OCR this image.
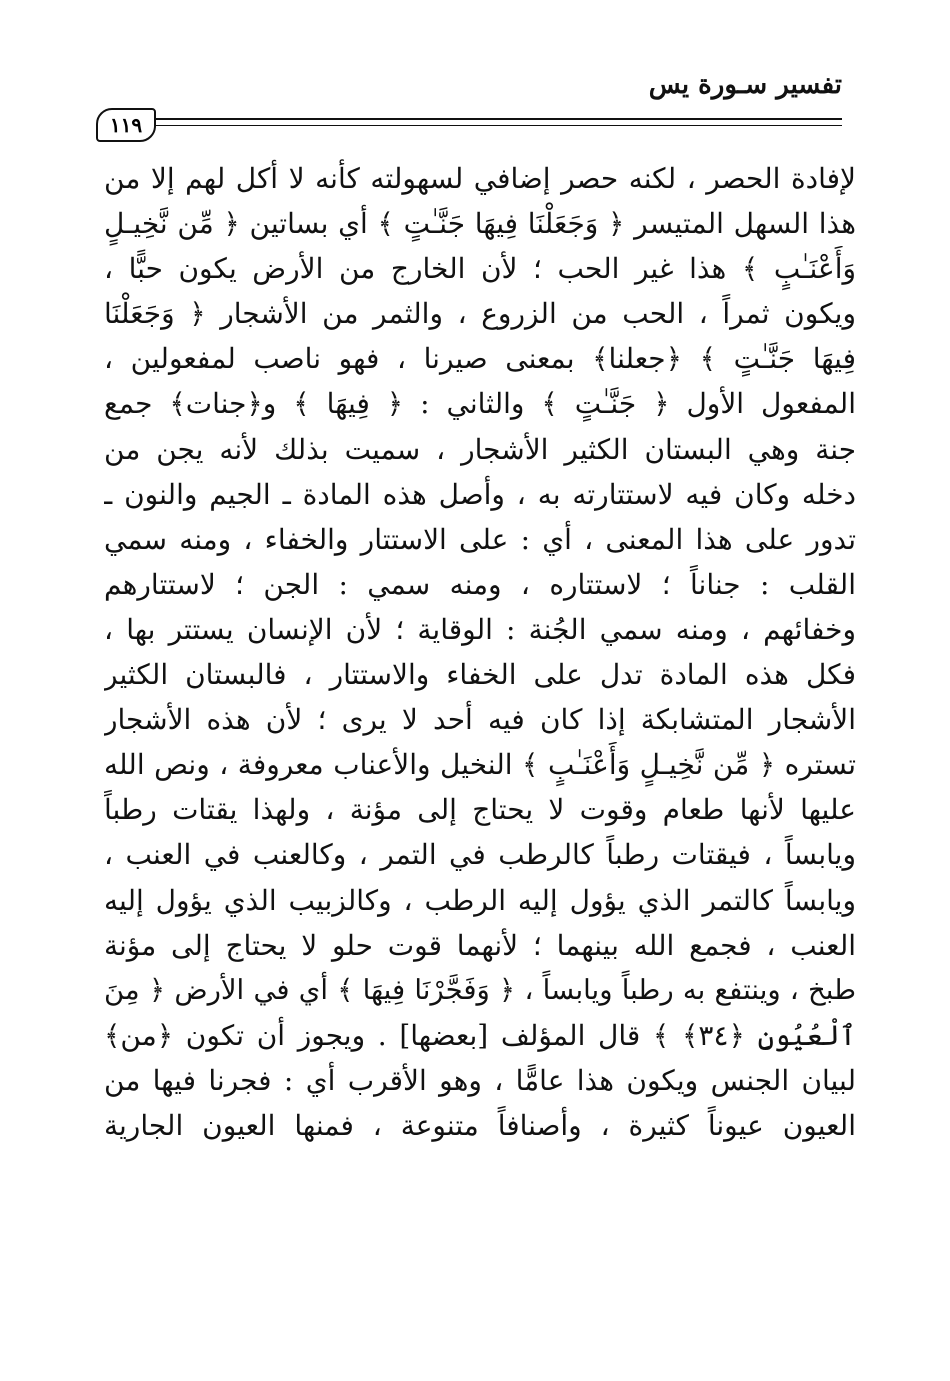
تفسير سـورة يس
١١٩
لإفادة الحصر ، لكنه حصر إضافي لسهولته كأنه لا أكل لهم إلا من
هذا السهل المتيسر ﴿ وَجَعَلْنَا فِيهَا جَنَّـٰتٍ ﴾ أي بساتين ﴿ مِّن نَّخِيـلٍ
وَأَعْنَـٰبٍ ﴾ هذا غير الحب ؛ لأن الخارج من الأرض يكون حبًّا ،
ويكون ثمراً ، الحب من الزروع ، والثمر من الأشجار ﴿ وَجَعَلْنَا
فِيهَا جَنَّـٰتٍ ﴾ ﴿جعلنا﴾ بمعنى صيرنا ، فهو ناصب لمفعولين ،
المفعول الأول ﴿ جَنَّـٰتٍ ﴾ والثاني : ﴿ فِيهَا ﴾ و﴿جنات﴾ جمع
جنة وهي البستان الكثير الأشجار ، سميت بذلك لأنه يجن من
دخله وكان فيه لاستتارته به ، وأصل هذه المادة ـ الجيم والنون ـ
تدور على هذا المعنى ، أي : على الاستتار والخفاء ، ومنه سمي
القلب : جناناً ؛ لاستتاره ، ومنه سمي : الجن ؛ لاستتارهم
وخفائهم ، ومنه سمي الجُنة : الوقاية ؛ لأن الإنسان يستتر بها ،
فكل هذه المادة تدل على الخفاء والاستتار ، فالبستان الكثير
الأشجار المتشابكة إذا كان فيه أحد لا يرى ؛ لأن هذه الأشجار
تستره ﴿ مِّن نَّخِيـلٍ وَأَعْنَـٰبٍ ﴾ النخيل والأعناب معروفة ، ونص الله
عليها لأنها طعام وقوت لا يحتاج إلى مؤنة ، ولهذا يقتات رطباً
ويابساً ، فيقتات رطباً كالرطب في التمر ، وكالعنب في العنب ،
ويابساً كالتمر الذي يؤول إليه الرطب ، وكالزبيب الذي يؤول إليه
العنب ، فجمع الله بينهما ؛ لأنهما قوت حلو لا يحتاج إلى مؤنة
طبخ ، وينتفع به رطباً ويابساً ، ﴿ وَفَجَّرْنَا فِيهَا ﴾ أي في الأرض ﴿ مِنَ
ٱلْعُيُونِ ﴿٣٤﴾ ﴾ قال المؤلف [بعضها] . ويجوز أن تكون ﴿من﴾
لبيان الجنس ويكون هذا عامًّا ، وهو الأقرب أي : فجرنا فيها من
العيون عيوناً كثيرة ، وأصنافاً متنوعة ، فمنها العيون الجارية
